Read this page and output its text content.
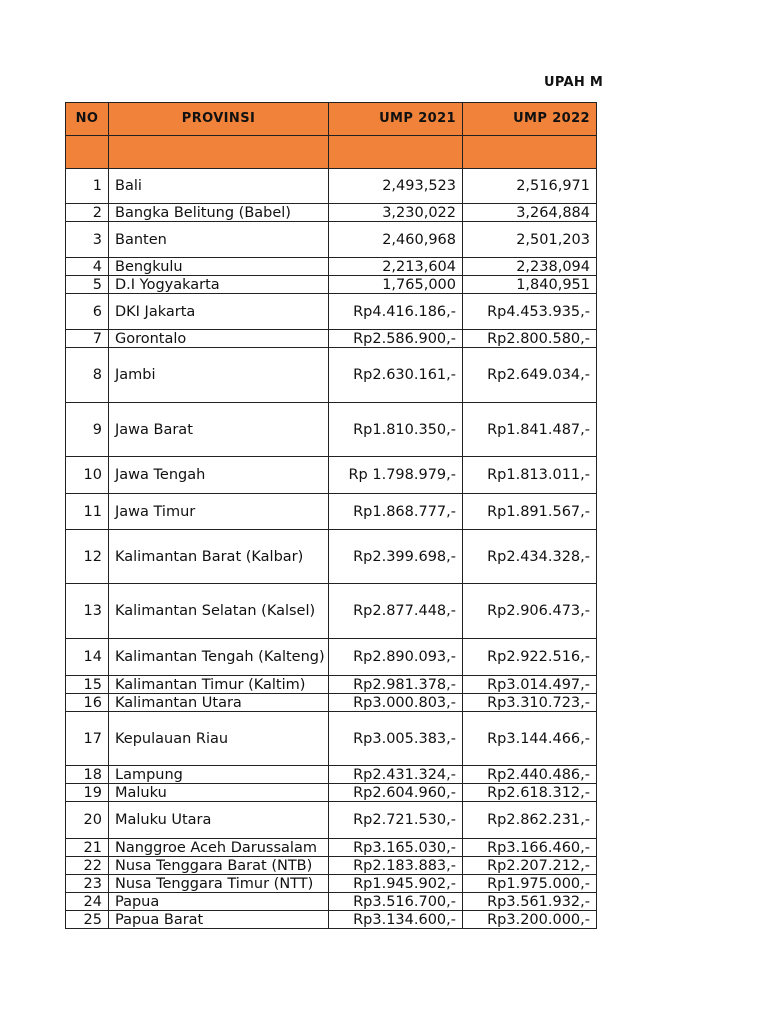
UPAH M
NO	PROVINSI	UMP 2021	UMP 2022

1	Bali	2,493,523	2,516,971
2	Bangka Belitung (Babel)	3,230,022	3,264,884
3	Banten	2,460,968	2,501,203
4	Bengkulu	2,213,604	2,238,094
5	D.I Yogyakarta	1,765,000	1,840,951
6	DKI Jakarta	Rp4.416.186,-	Rp4.453.935,-
7	Gorontalo	Rp2.586.900,-	Rp2.800.580,-
8	Jambi	Rp2.630.161,-	Rp2.649.034,-
9	Jawa Barat	Rp1.810.350,-	Rp1.841.487,-
10	Jawa Tengah	Rp 1.798.979,-	Rp1.813.011,-
11	Jawa Timur	Rp1.868.777,-	Rp1.891.567,-
12	Kalimantan Barat (Kalbar)	Rp2.399.698,-	Rp2.434.328,-
13	Kalimantan Selatan (Kalsel)	Rp2.877.448,-	Rp2.906.473,-
14	Kalimantan Tengah (Kalteng)	Rp2.890.093,-	Rp2.922.516,-
15	Kalimantan Timur (Kaltim)	Rp2.981.378,-	Rp3.014.497,-
16	Kalimantan Utara	Rp3.000.803,-	Rp3.310.723,-
17	Kepulauan Riau	Rp3.005.383,-	Rp3.144.466,-
18	Lampung	Rp2.431.324,-	Rp2.440.486,-
19	Maluku	Rp2.604.960,-	Rp2.618.312,-
20	Maluku Utara	Rp2.721.530,-	Rp2.862.231,-
21	Nanggroe Aceh Darussalam	Rp3.165.030,-	Rp3.166.460,-
22	Nusa Tenggara Barat (NTB)	Rp2.183.883,-	Rp2.207.212,-
23	Nusa Tenggara Timur (NTT)	Rp1.945.902,-	Rp1.975.000,-
24	Papua	Rp3.516.700,-	Rp3.561.932,-
25	Papua Barat	Rp3.134.600,-	Rp3.200.000,-
